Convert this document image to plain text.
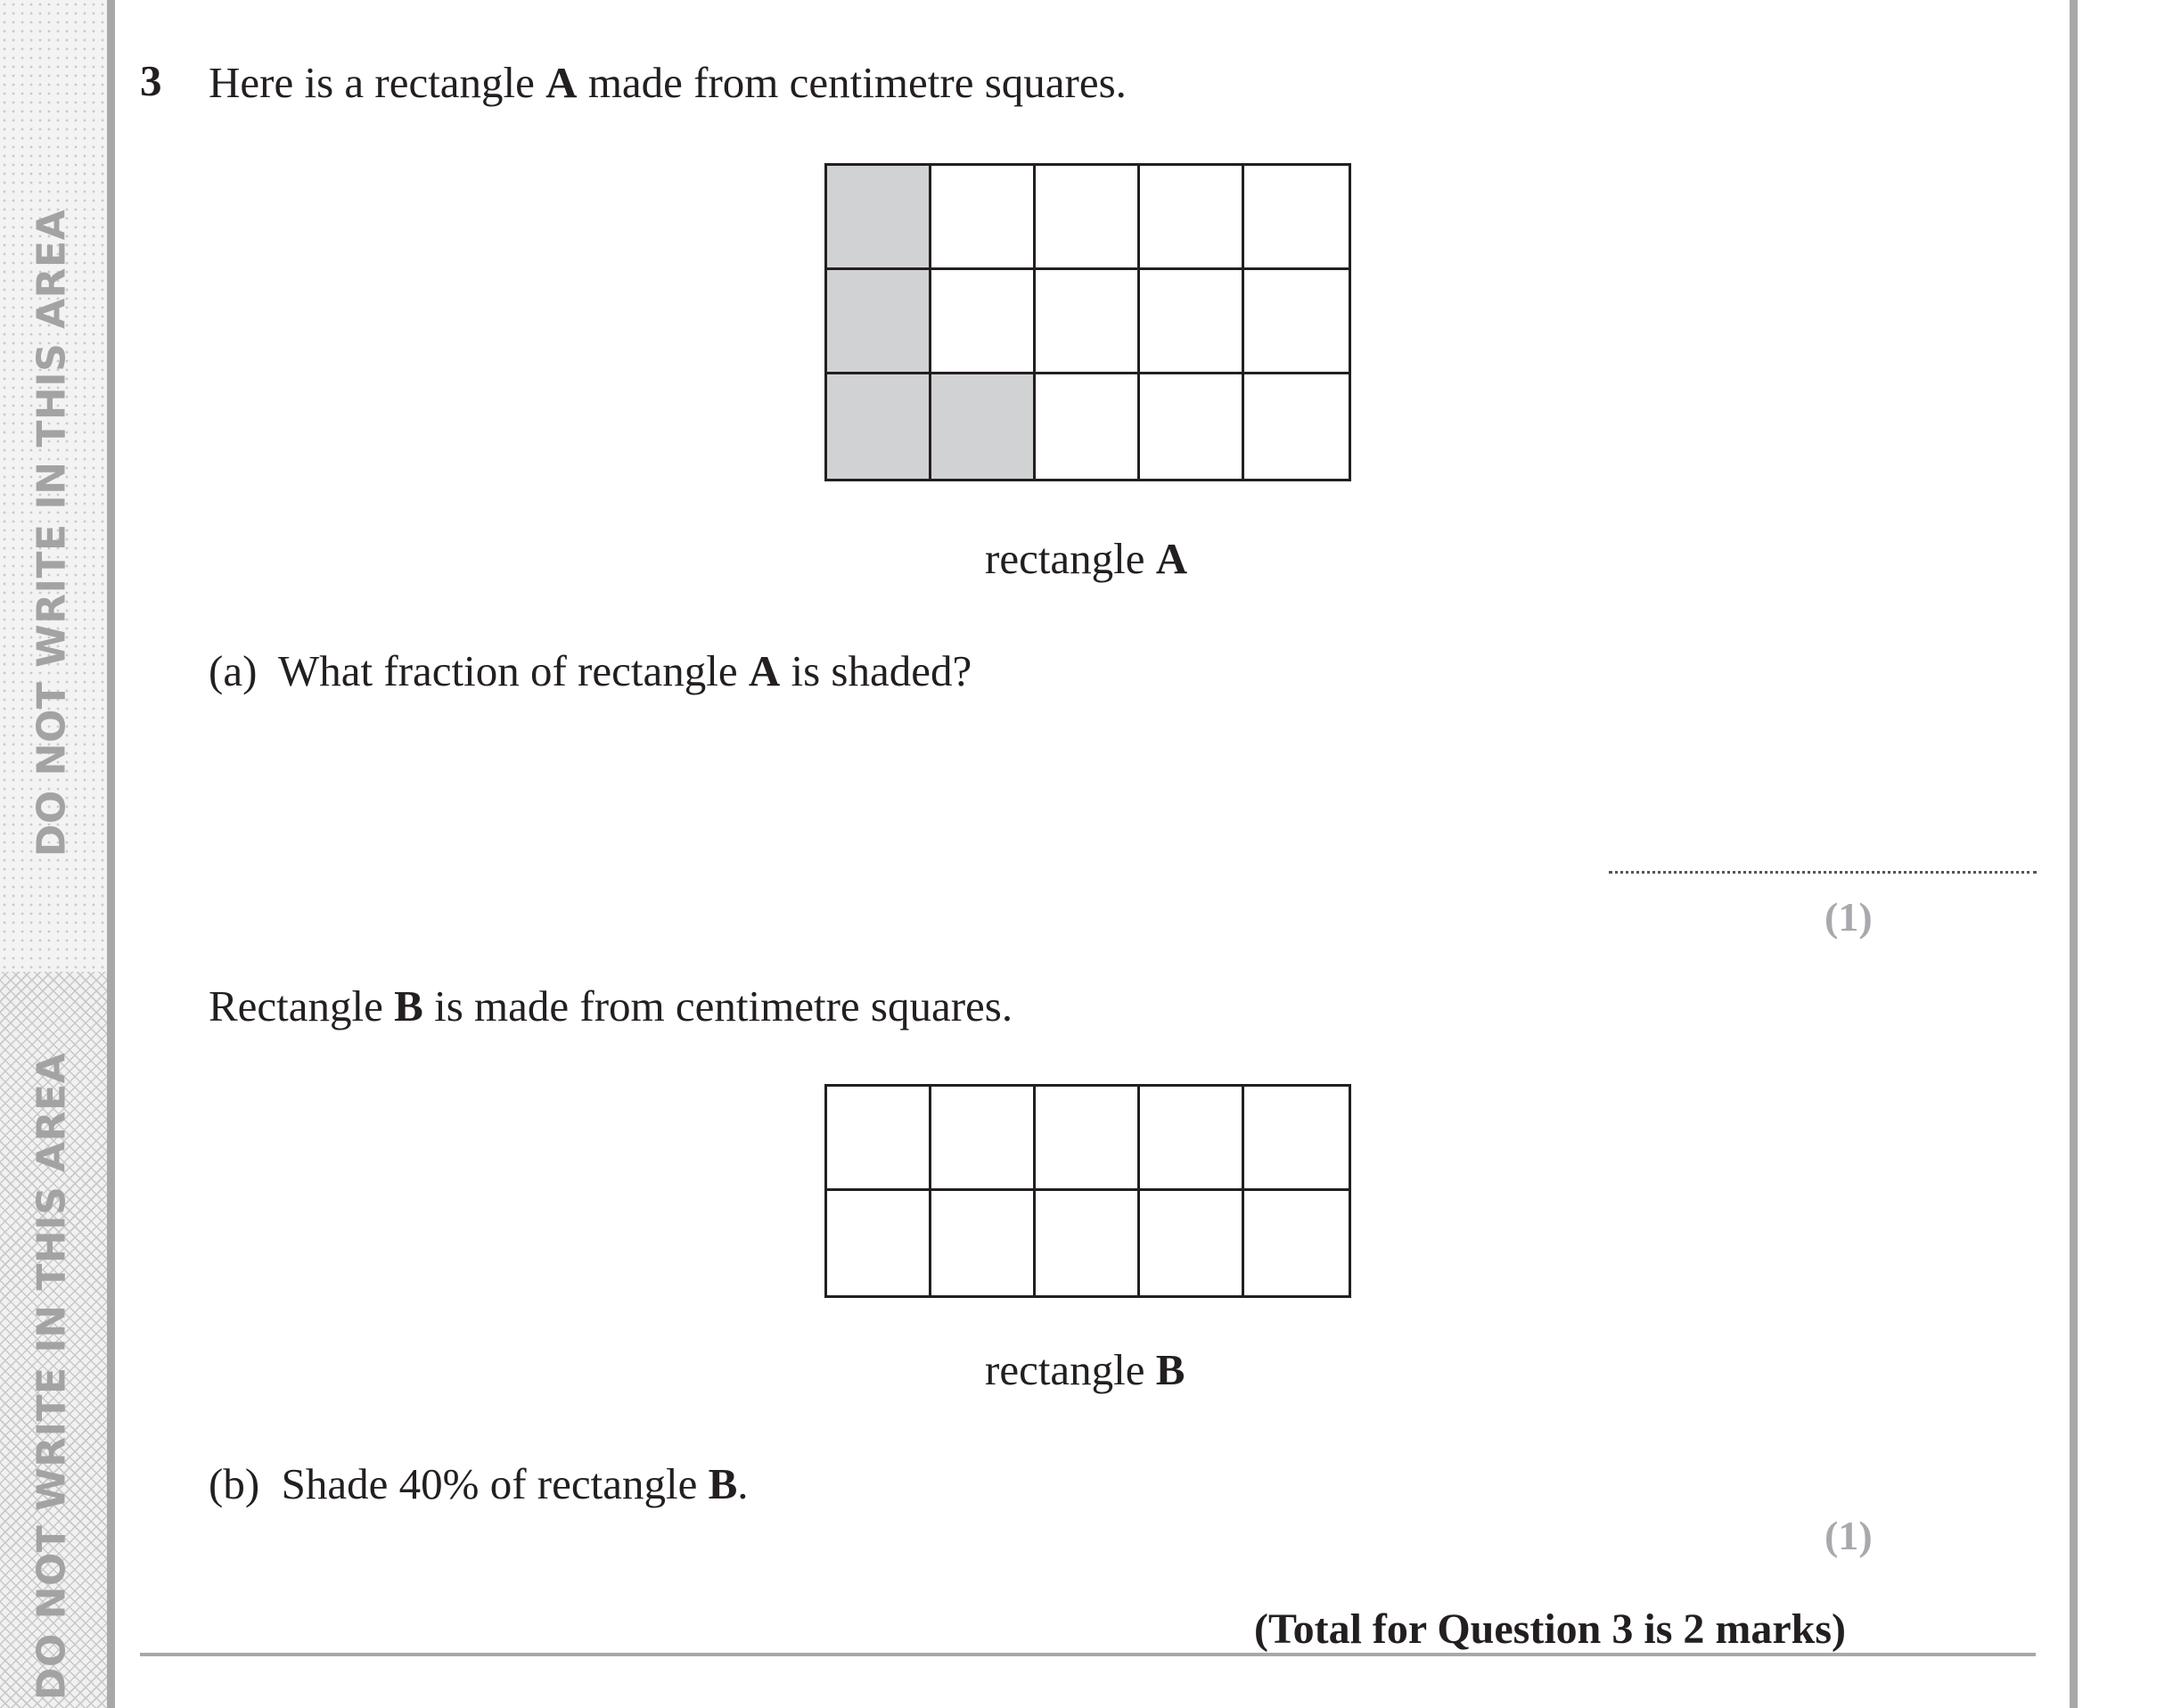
DO NOT WRITE IN THIS AREA
DO NOT WRITE IN THIS AREA
3 Here is a rectangle A made from centimetre squares.
rectangle A
(a) What fraction of rectangle A is shaded?
(1)
Rectangle B is made from centimetre squares.
rectangle B
(b) Shade 40% of rectangle B.
(1)
(Total for Question 3 is 2 marks)
